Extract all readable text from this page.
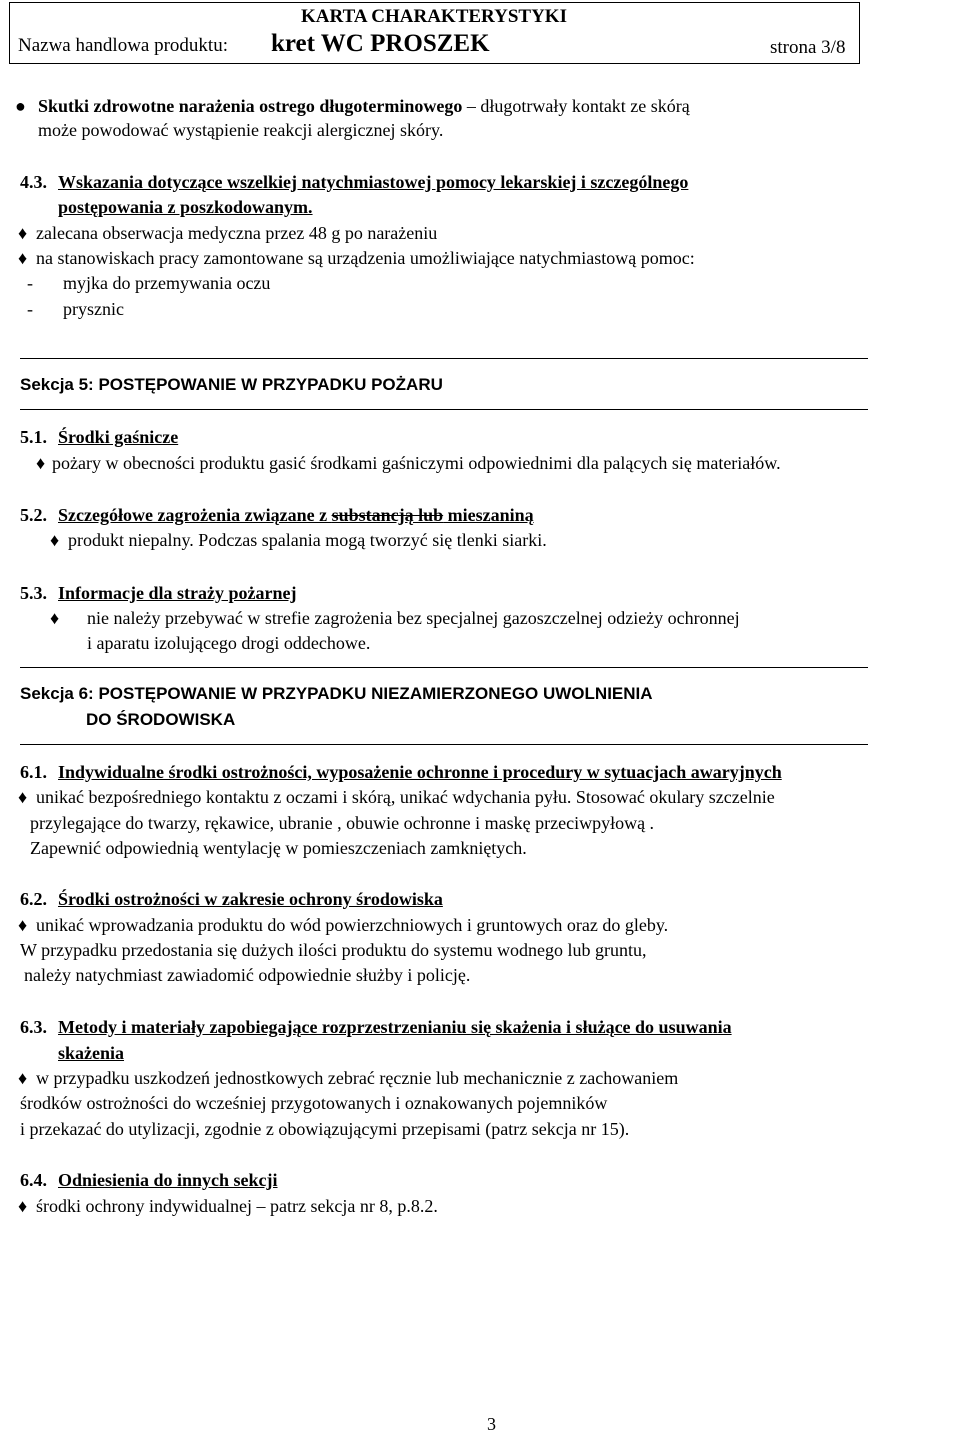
KARTA CHARAKTERYSTYKI
Nazwa handlowa produktu: kret WC PROSZEK	strona 3/8
● Skutki zdrowotne narażenia ostrego długoterminowego – długotrwały kontakt ze skórą
może powodować wystąpienie reakcji alergicznej skóry.
4.3. Wskazania dotyczące wszelkiej natychmiastowej pomocy lekarskiej i szczególnego
postępowania z poszkodowanym.
♦ zalecana obserwacja medyczna przez 48 g po narażeniu
♦ na stanowiskach pracy zamontowane są urządzenia umożliwiające natychmiastową pomoc:
- myjka do przemywania oczu
- prysznic
Sekcja 5: POSTĘPOWANIE W PRZYPADKU POŻARU
5.1. Środki gaśnicze
♦ pożary w obecności produktu gasić środkami gaśniczymi odpowiednimi dla palących się materiałów.
5.2. Szczegółowe zagrożenia związane z substancją lub mieszaniną
♦ produkt niepalny. Podczas spalania mogą tworzyć się tlenki siarki.
5.3. Informacje dla straży pożarnej
♦ nie należy przebywać w strefie zagrożenia bez specjalnej gazoszczelnej odzieży ochronnej
i aparatu izolującego drogi oddechowe.
Sekcja 6: POSTĘPOWANIE W PRZYPADKU NIEZAMIERZONEGO UWOLNIENIA
DO ŚRODOWISKA
6.1. Indywidualne środki ostrożności, wyposażenie ochronne i procedury w sytuacjach awaryjnych
♦ unikać bezpośredniego kontaktu z oczami i skórą, unikać wdychania pyłu. Stosować okulary szczelnie
przylegające do twarzy, rękawice, ubranie , obuwie ochronne i maskę przeciwpyłową .
Zapewnić odpowiednią wentylację w pomieszczeniach zamkniętych.
6.2. Środki ostrożności w zakresie ochrony środowiska
♦ unikać wprowadzania produktu do wód powierzchniowych i gruntowych oraz do gleby.
W przypadku przedostania się dużych ilości produktu do systemu wodnego lub gruntu,
należy natychmiast zawiadomić odpowiednie służby i policję.
6.3. Metody i materiały zapobiegające rozprzestrzenianiu się skażenia i służące do usuwania
skażenia
♦ w przypadku uszkodzeń jednostkowych zebrać ręcznie lub mechanicznie z zachowaniem
środków ostrożności do wcześniej przygotowanych i oznakowanych pojemników
i przekazać do utylizacji, zgodnie z obowiązującymi przepisami (patrz sekcja nr 15).
6.4. Odniesienia do innych sekcji
♦ środki ochrony indywidualnej – patrz sekcja nr 8, p.8.2.
3
